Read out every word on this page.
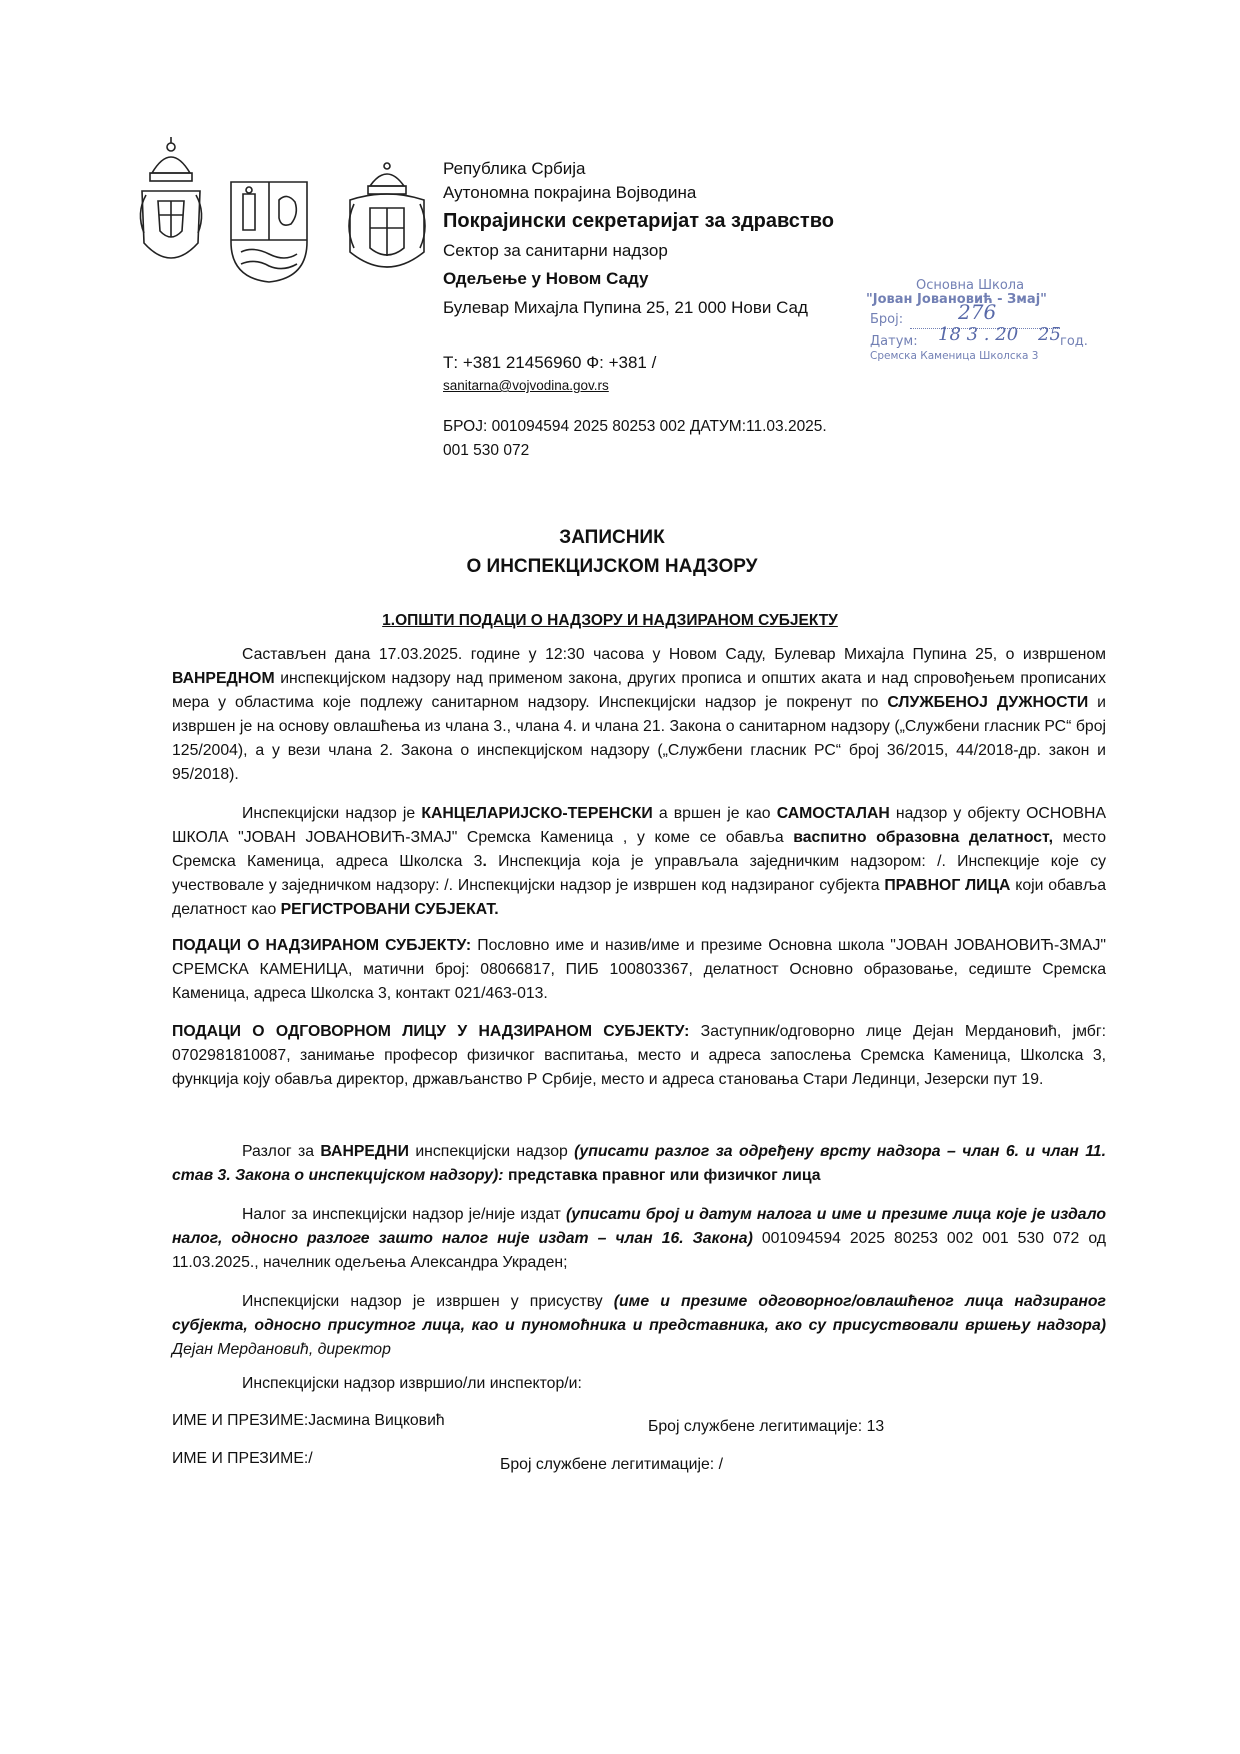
Република Србија
Аутономна покрајина Војводина
Покрајински секретаријат за здравство
Сектор за санитарни надзор
Одељење у Новом Саду
Булевар Михајла Пупина 25, 21 000 Нови Сад
Т: +381 21456960 Ф: +381 /
sanitarna@vojvodina.gov.rs
БРОЈ: 001094594 2025 80253 002 ДАТУМ:11.03.2025.
001 530 072
Основна Школа
"Јован Јовановић - Змај"
Број:	276
Датум: 18 3 . 20 25 год.
Сремска Каменица Школска 3
ЗАПИСНИК
О ИНСПЕКЦИЈСКОМ НАДЗОРУ
1.ОПШТИ ПОДАЦИ О НАДЗОРУ И НАДЗИРАНОМ СУБЈЕКТУ

Састављен дана 17.03.2025. године у 12:30 часова у Новом Саду, Булевар Михајла Пупина 25, о извршеном ВАНРЕДНОМ инспекцијском надзору над применом закона, других прописа и општих аката и над спровођењем прописаних мера у областима које подлежу санитарном надзору. Инспекцијски надзор је покренут по СЛУЖБЕНОЈ ДУЖНОСТИ и извршен је на основу овлашћења из члана 3., члана 4. и члана 21. Закона о санитарном надзору („Службени гласник РС“ број 125/2004), а у вези члана 2. Закона о инспекцијском надзору („Службени гласник РС“ број 36/2015, 44/2018-др. закон и 95/2018).

Инспекцијски надзор је КАНЦЕЛАРИЈСКО-ТЕРЕНСКИ а вршен је као САМОСТАЛАН надзор у објекту ОСНОВНА ШКОЛА "ЈОВАН ЈОВАНОВИЋ-ЗМАЈ" Сремска Каменица , у коме се обавља васпитно образовна делатност, место Сремска Каменица, адреса Школска 3. Инспекција која је управљала заједничким надзором: /. Инспекције које су учествовале у заједничком надзору: /. Инспекцијски надзор је извршен код надзираног субјекта ПРАВНОГ ЛИЦА који обавља делатност као РЕГИСТРОВАНИ СУБЈЕКАТ.

ПОДАЦИ О НАДЗИРАНОМ СУБЈЕКТУ: Пословно име и назив/име и презиме Основна школа "ЈОВАН ЈОВАНОВИЋ-ЗМАЈ" СРЕМСКА КАМЕНИЦА, матични број: 08066817, ПИБ 100803367, делатност Основно образовање, седиште Сремска Каменица, адреса Школска 3, контакт 021/463-013.

ПОДАЦИ О ОДГОВОРНОМ ЛИЦУ У НАДЗИРАНОМ СУБЈЕКТУ: Заступник/одговорно лице Дејан Мердановић, јмбг: 0702981810087, занимање професор физичког васпитања, место и адреса запослења Сремска Каменица, Школска 3, функција коју обавља директор, држављанство Р Србије, место и адреса становања Стари Лединци, Језерски пут 19.

Разлог за ВАНРЕДНИ инспекцијски надзор (уписати разлог за одређену врсту надзора – члан 6. и члан 11. став 3. Закона о инспекцијском надзору): представка правног или физичког лица

Налог за инспекцијски надзор је/није издат (уписати број и датум налога и име и презиме лица које је издало налог, односно разлоге зашто налог није издат – члан 16. Закона) 001094594 2025 80253 002 001 530 072 од 11.03.2025., начелник одељења Александра Украден;

Инспекцијски надзор је извршен у присуству (име и презиме одговорног/овлашћеног лица надзираног субјекта, односно присутног лица, као и пуномоћника и представника, ако су присуствовали вршењу надзора) Дејан Мердановић, директор

Инспекцијски надзор извршио/ли инспектор/и:
ИМЕ И ПРЕЗИМЕ:Јасмина Вицковић	Број службене легитимације: 13
ИМЕ И ПРЕЗИМЕ:/	Број службене легитимације: /
